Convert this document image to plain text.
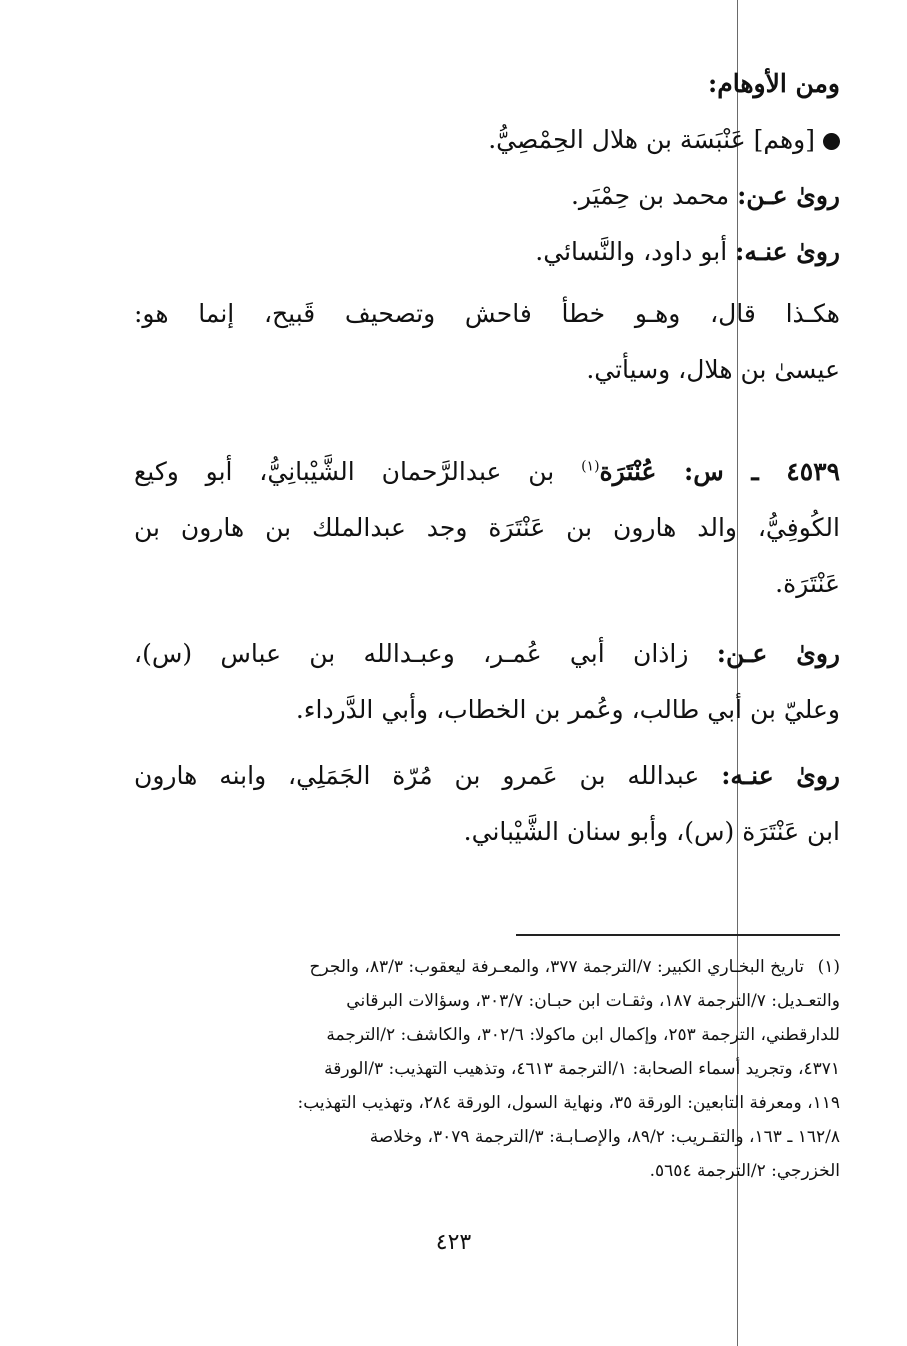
ومن الأوهام:
[وهم] عَنْبَسَة بن هلال الحِمْصِيُّ.
روىٰ عـن: محمد بن حِمْيَر.
روىٰ عنـه: أبو داود، والنَّسائي.
هكـذا قال، وهـو خطأ فاحش وتصحيف قَبيح، إنما هو:
عيسىٰ بن هلال، وسيأتي.
٤٥٣٩ ـ س: عُنْتَرَة$^{(١)}$ بن عبدالرَّحمان الشَّيْبانِيُّ، أبو وكيع
الكُوفِيُّ، والد هارون بن عَنْتَرَة وجد عبدالملك بن هارون بن
عَنْتَرَة.
روىٰ عـن: زاذان أبي عُمـر، وعبـدالله بن عباس (س)،
وعليّ بن أبي طالب، وعُمر بن الخطاب، وأبي الدَّرداء.
روىٰ عنـه: عبدالله بن عَمرو بن مُرّة الجَمَلِي، وابنه هارون
ابن عَنْتَرَة (س)، وأبو سنان الشَّيْباني.
(١)
تاريخ البخـاري الكبير: ٧/الترجمة ٣٧٧، والمعـرفة ليعقوب: ٨٣/٣، والجرح
والتعـديل: ٧/الترجمة ١٨٧، وثقـات ابن حبـان: ٣٠٣/٧، وسؤالات البرقاني
للدارقطني، الترجمة ٢٥٣، وإكمال ابن ماكولا: ٣٠٢/٦، والكاشف: ٢/الترجمة
٤٣٧١، وتجريد أسماء الصحابة: ١/الترجمة ٤٦١٣، وتذهيب التهذيب: ٣/الورقة
١١٩، ومعرفة التابعين: الورقة ٣٥، ونهاية السول، الورقة ٢٨٤، وتهذيب التهذيب:
١٦٢/٨ ـ ١٦٣، والتقـريب: ٨٩/٢، والإصـابـة: ٣/الترجمة ٣٠٧٩، وخلاصة
الخزرجي: ٢/الترجمة ٥٦٥٤.
٤٢٣
